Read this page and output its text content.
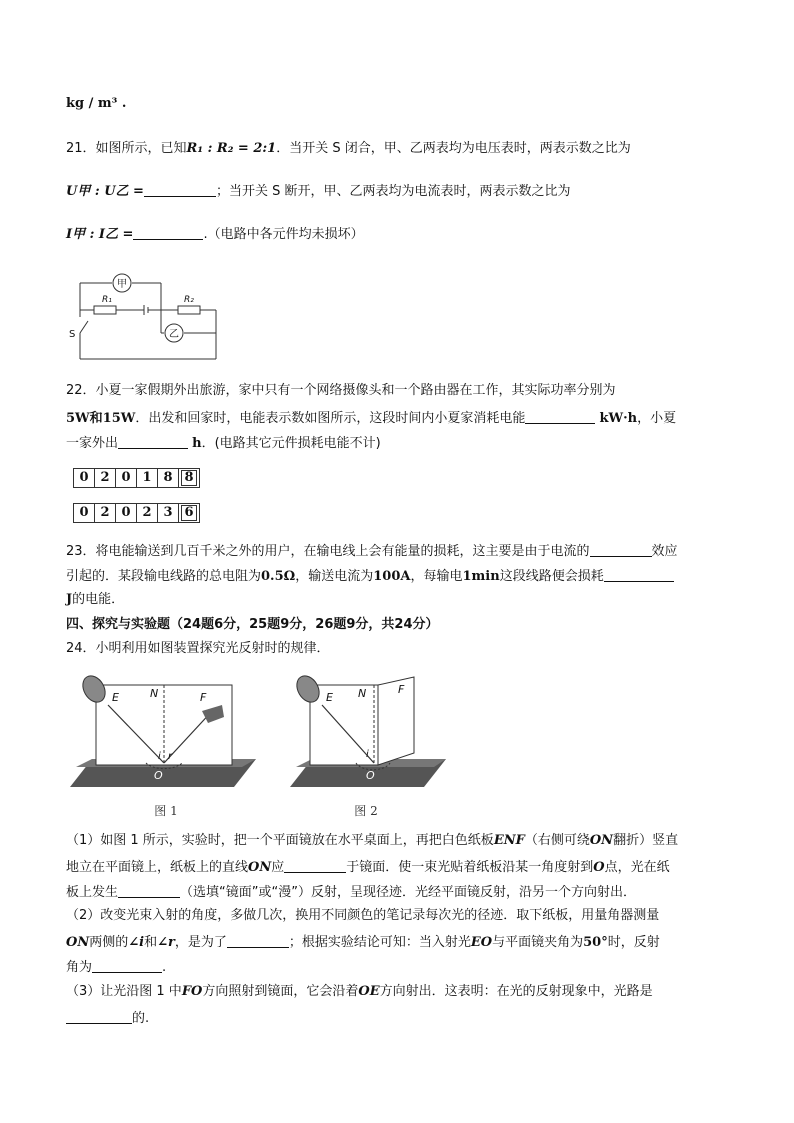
kg / m³ .
21．如图所示，已知R₁ : R₂ = 2:1．当开关 S 闭合，甲、乙两表均为电压表时，两表示数之比为
U甲 : U乙 =	；当开关 S 断开，甲、乙两表均为电流表时，两表示数之比为
I甲 : I乙 =	.（电路中各元件均未损坏）
甲
乙
R₁	R₂
S
22．小夏一家假期外出旅游，家中只有一个网络摄像头和一个路由器在工作，其实际功率分别为
5W和15W．出发和回家时，电能表示数如图所示，这段时间内小夏家消耗电能	kW·h，小夏
一家外出	h．(电路其它元件损耗电能不计)
0 2 0 1 8 8
0 2 0 2 3 6
23．将电能输送到几百千米之外的用户，在输电线上会有能量的损耗，这主要是由于电流的	效应
引起的．某段输电线路的总电阻为0.5Ω，输送电流为100A，每输电1min这段线路便会损耗
J的电能．
四、探究与实验题（24题6分，25题9分，26题9分，共24分）
24．小明利用如图装置探究光反射时的规律．
E	N	F
i r
O
图 1
E N	F
i
O
图 2
（1）如图 1 所示，实验时，把一个平面镜放在水平桌面上，再把白色纸板ENF（右侧可绕ON翻折）竖直
地立在平面镜上，纸板上的直线ON应	于镜面．使一束光贴着纸板沿某一角度射到O点，光在纸
板上发生	（选填“镜面”或“漫”）反射，呈现径迹．光经平面镜反射，沿另一个方向射出．
（2）改变光束入射的角度，多做几次，换用不同颜色的笔记录每次光的径迹．取下纸板，用量角器测量
ON两侧的∠i和∠r，是为了	；根据实验结论可知：当入射光EO与平面镜夹角为50°时，反射
角为	.
（3）让光沿图 1 中FO方向照射到镜面，它会沿着OE方向射出．这表明：在光的反射现象中，光路是
的.
